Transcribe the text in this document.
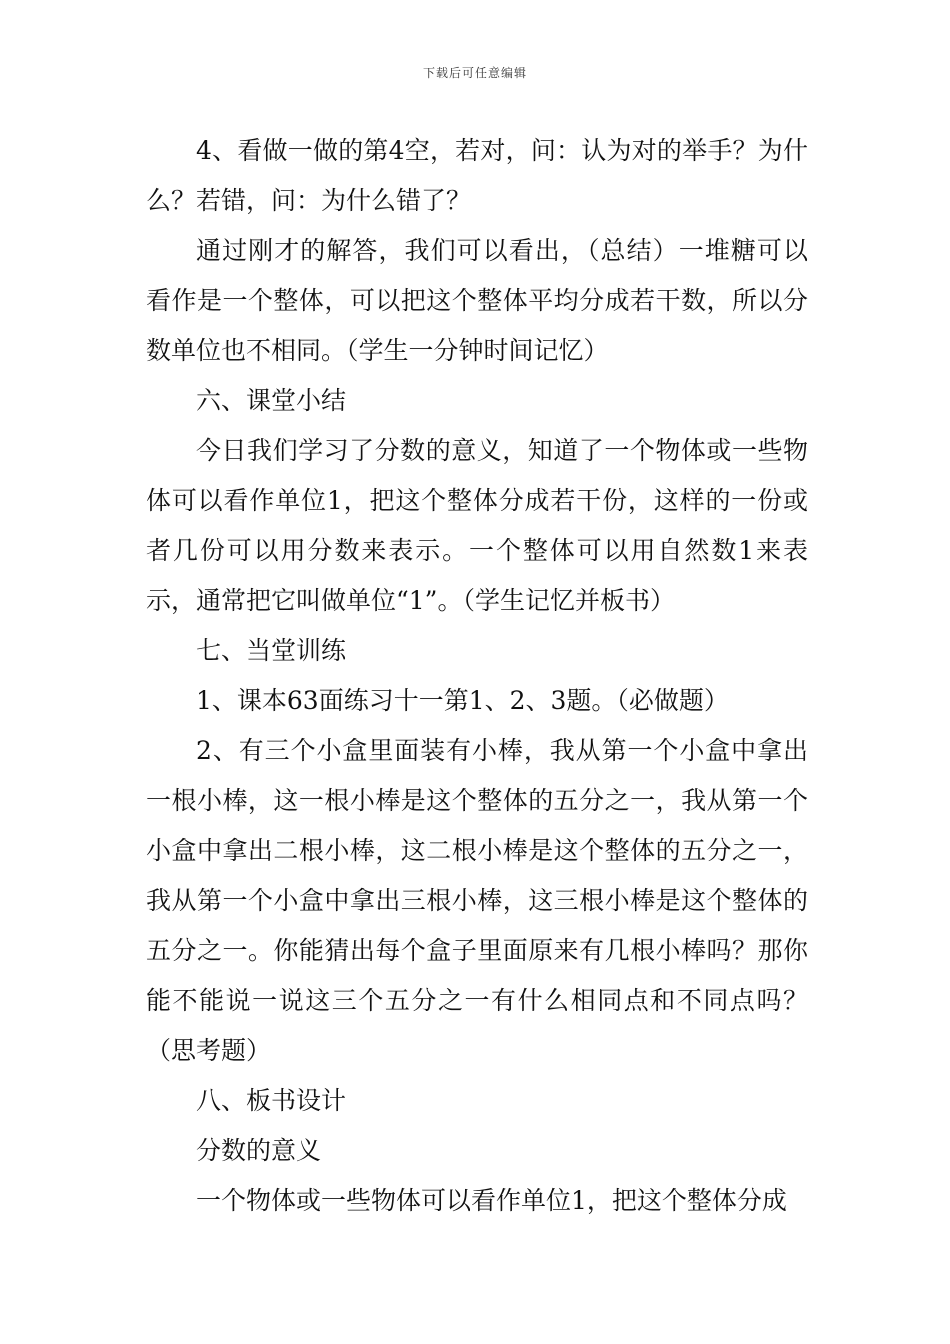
下载后可任意编辑

4、看做一做的第4空，若对，问：认为对的举手？为什么？若错，问：为什么错了？

通过刚才的解答，我们可以看出，（总结）一堆糖可以看作是一个整体，可以把这个整体平均分成若干数，所以分数单位也不相同。（学生一分钟时间记忆）

六、课堂小结

今日我们学习了分数的意义，知道了一个物体或一些物体可以看作单位1，把这个整体分成若干份，这样的一份或者几份可以用分数来表示。一个整体可以用自然数1来表示，通常把它叫做单位“1”。（学生记忆并板书）

七、当堂训练

1、课本63面练习十一第1、2、3题。（必做题）

2、有三个小盒里面装有小棒，我从第一个小盒中拿出一根小棒，这一根小棒是这个整体的五分之一，我从第一个小盒中拿出二根小棒，这二根小棒是这个整体的五分之一，我从第一个小盒中拿出三根小棒，这三根小棒是这个整体的五分之一。你能猜出每个盒子里面原来有几根小棒吗？那你能不能说一说这三个五分之一有什么相同点和不同点吗？（思考题）

八、板书设计

分数的意义

一个物体或一些物体可以看作单位1，把这个整体分成
